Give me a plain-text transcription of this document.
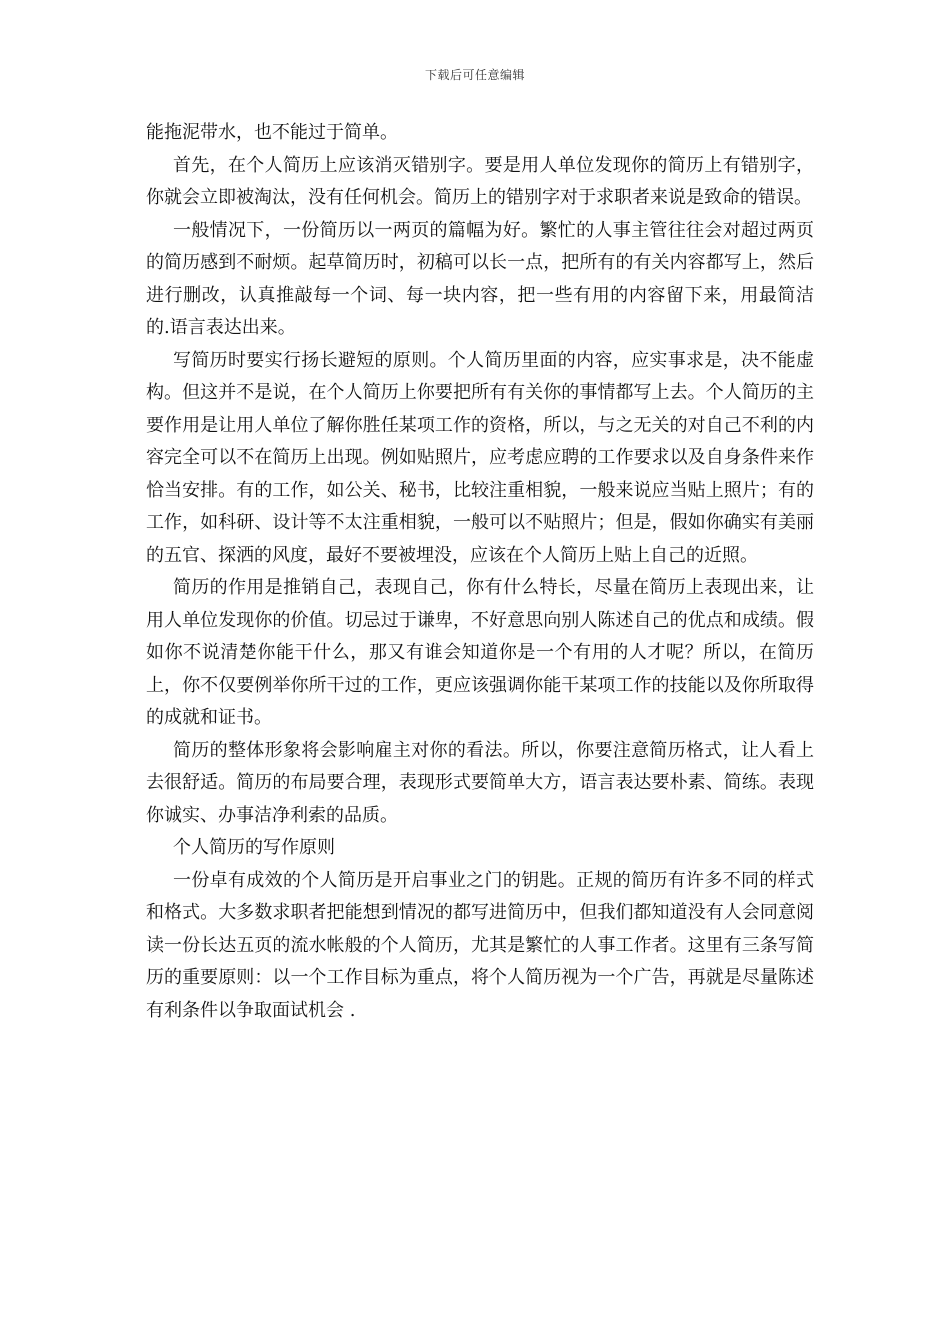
下载后可任意编辑

能拖泥带水，也不能过于简单。

首先，在个人简历上应该消灭错别字。要是用人单位发现你的简历上有错别字，你就会立即被淘汰，没有任何机会。简历上的错别字对于求职者来说是致命的错误。

一般情况下，一份简历以一两页的篇幅为好。繁忙的人事主管往往会对超过两页的简历感到不耐烦。起草简历时，初稿可以长一点，把所有的有关内容都写上，然后进行删改，认真推敲每一个词、每一块内容，把一些有用的内容留下来，用最简洁的.语言表达出来。

写简历时要实行扬长避短的原则。个人简历里面的内容，应实事求是，决不能虚构。但这并不是说，在个人简历上你要把所有有关你的事情都写上去。个人简历的主要作用是让用人单位了解你胜任某项工作的资格，所以，与之无关的对自己不利的内容完全可以不在简历上出现。例如贴照片，应考虑应聘的工作要求以及自身条件来作恰当安排。有的工作，如公关、秘书，比较注重相貌，一般来说应当贴上照片；有的工作，如科研、设计等不太注重相貌，一般可以不贴照片；但是，假如你确实有美丽的五官、探洒的风度，最好不要被埋没，应该在个人简历上贴上自己的近照。

简历的作用是推销自己，表现自己，你有什么特长，尽量在简历上表现出来，让用人单位发现你的价值。切忌过于谦卑，不好意思向别人陈述自己的优点和成绩。假如你不说清楚你能干什么，那又有谁会知道你是一个有用的人才呢？所以，在简历上，你不仅要例举你所干过的工作，更应该强调你能干某项工作的技能以及你所取得的成就和证书。

简历的整体形象将会影响雇主对你的看法。所以，你要注意简历格式，让人看上去很舒适。简历的布局要合理，表现形式要简单大方，语言表达要朴素、简练。表现你诚实、办事洁净利索的品质。

个人简历的写作原则

一份卓有成效的个人简历是开启事业之门的钥匙。正规的简历有许多不同的样式和格式。大多数求职者把能想到情况的都写进简历中，但我们都知道没有人会同意阅读一份长达五页的流水帐般的个人简历，尤其是繁忙的人事工作者。这里有三条写简历的重要原则：以一个工作目标为重点，将个人简历视为一个广告，再就是尽量陈述有利条件以争取面试机会 .
